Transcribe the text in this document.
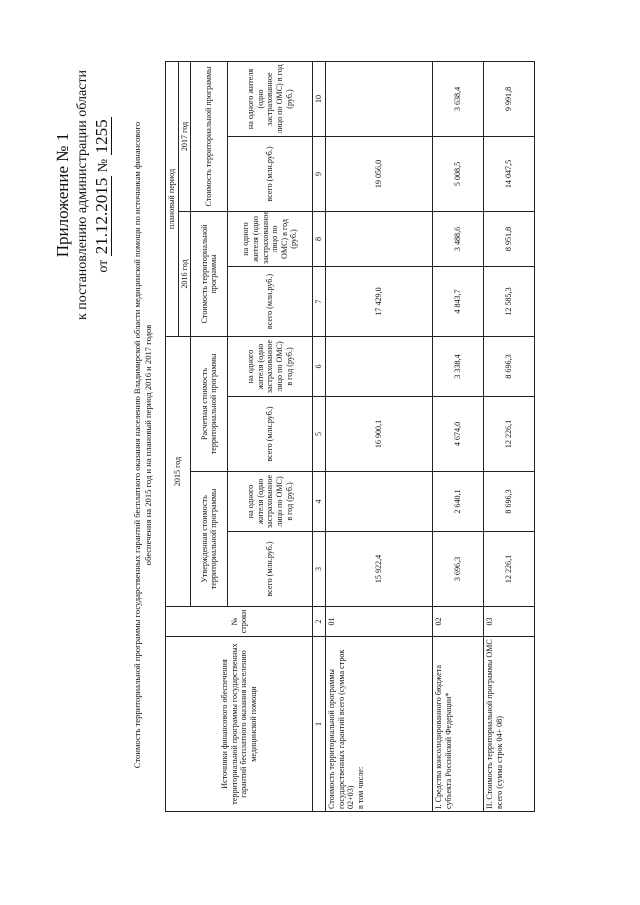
Приложение № 1 к постановлению администрации области от 21.12.2015 № 1255	Стоимость территориальной программы государственных гарантий бесплатного оказания населению Владимирской области медицинской помощи по источникам финансового обеспечения на 2015 год и на плановый период 2016 и 2017 годов
Источники финансового обеспечения территориальной программы государственных гарантий бесплатного оказания населению медицинской помощи	№ строки	2015 год				плановый период			
						2016 год		2017 год	
		Утвержденная стоимость территориальной программы		Расчетная стоимость территориальной программы		Стоимость территориальной программы		Стоимость территориальной программы	
		всего (млн.руб.)	на одного жителя (одно застрахованное лицо по ОМС) в год (руб.)	всего (млн.руб.)	на одного жителя (одно застрахованное лицо по ОМС) в год (руб.)	всего (млн.руб.)	на одного жителя (одно застрахованное лицо по ОМС) в год (руб.)	всего (млн.руб.)	на одного жителя (одно застрахованное лицо по ОМС) в год (руб.)
1	2	3	4	5	6	7	8	9	10

Стоимость территориальной программы государственных гарантий всего (сумма строк 02+03) в том числе:	01	15 922,4		16 900,1		17 429,0		19 056,0	
I. Средства консолидированного бюджета субъекта Российской Федерации*	02	3 696,3	2 640,1	4 674,0	3 338,4	4 843,7	3 488,6	5 008,5	3 638,4
II. Стоимость территориальной программы ОМС всего (сумма строк 04+ 08)	03	12 226,1	8 696,3	12 226,1	8 696,3	12 585,3	8 951,8	14 047,5	9 991,8
